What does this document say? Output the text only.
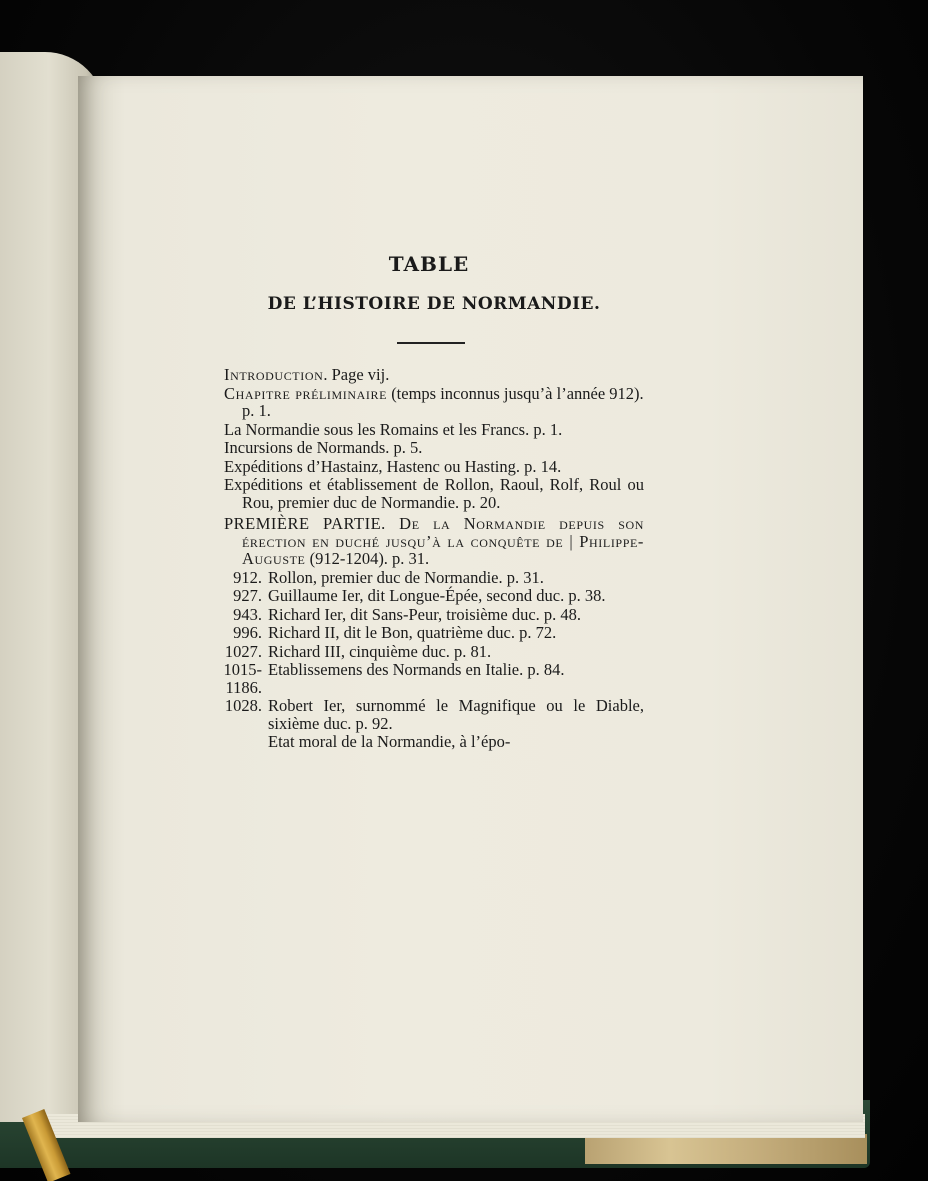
TABLE
DE L’HISTOIRE DE NORMANDIE.
Introduction. Page vij.
Chapitre préliminaire (temps inconnus jusqu’à l’année 912). p. 1.
La Normandie sous les Romains et les Francs. p. 1.
Incursions de Normands. p. 5.
Expéditions d’Hastainz, Hastenc ou Hasting. p. 14.
Expéditions et établissement de Rollon, Raoul, Rolf, Roul ou Rou, premier duc de Normandie. p. 20.
PREMIÈRE PARTIE. De la Normandie depuis son érection en duché jusqu’à la conquête de | Philippe-Auguste (912-1204). p. 31.
912. Rollon, premier duc de Normandie. p. 31.
927. Guillaume Ier, dit Longue-Épée, second duc. p. 38.
943. Richard Ier, dit Sans-Peur, troisième duc. p. 48.
996. Richard II, dit le Bon, quatrième duc. p. 72.
1027. Richard III, cinquième duc. p. 81.
1015-1186.
Etablissemens des Normands en Italie. p. 84.
1028. Robert Ier, surnommé le Magnifique ou le Diable, sixième duc. p. 92.
Etat moral de la Normandie, à l’épo-
